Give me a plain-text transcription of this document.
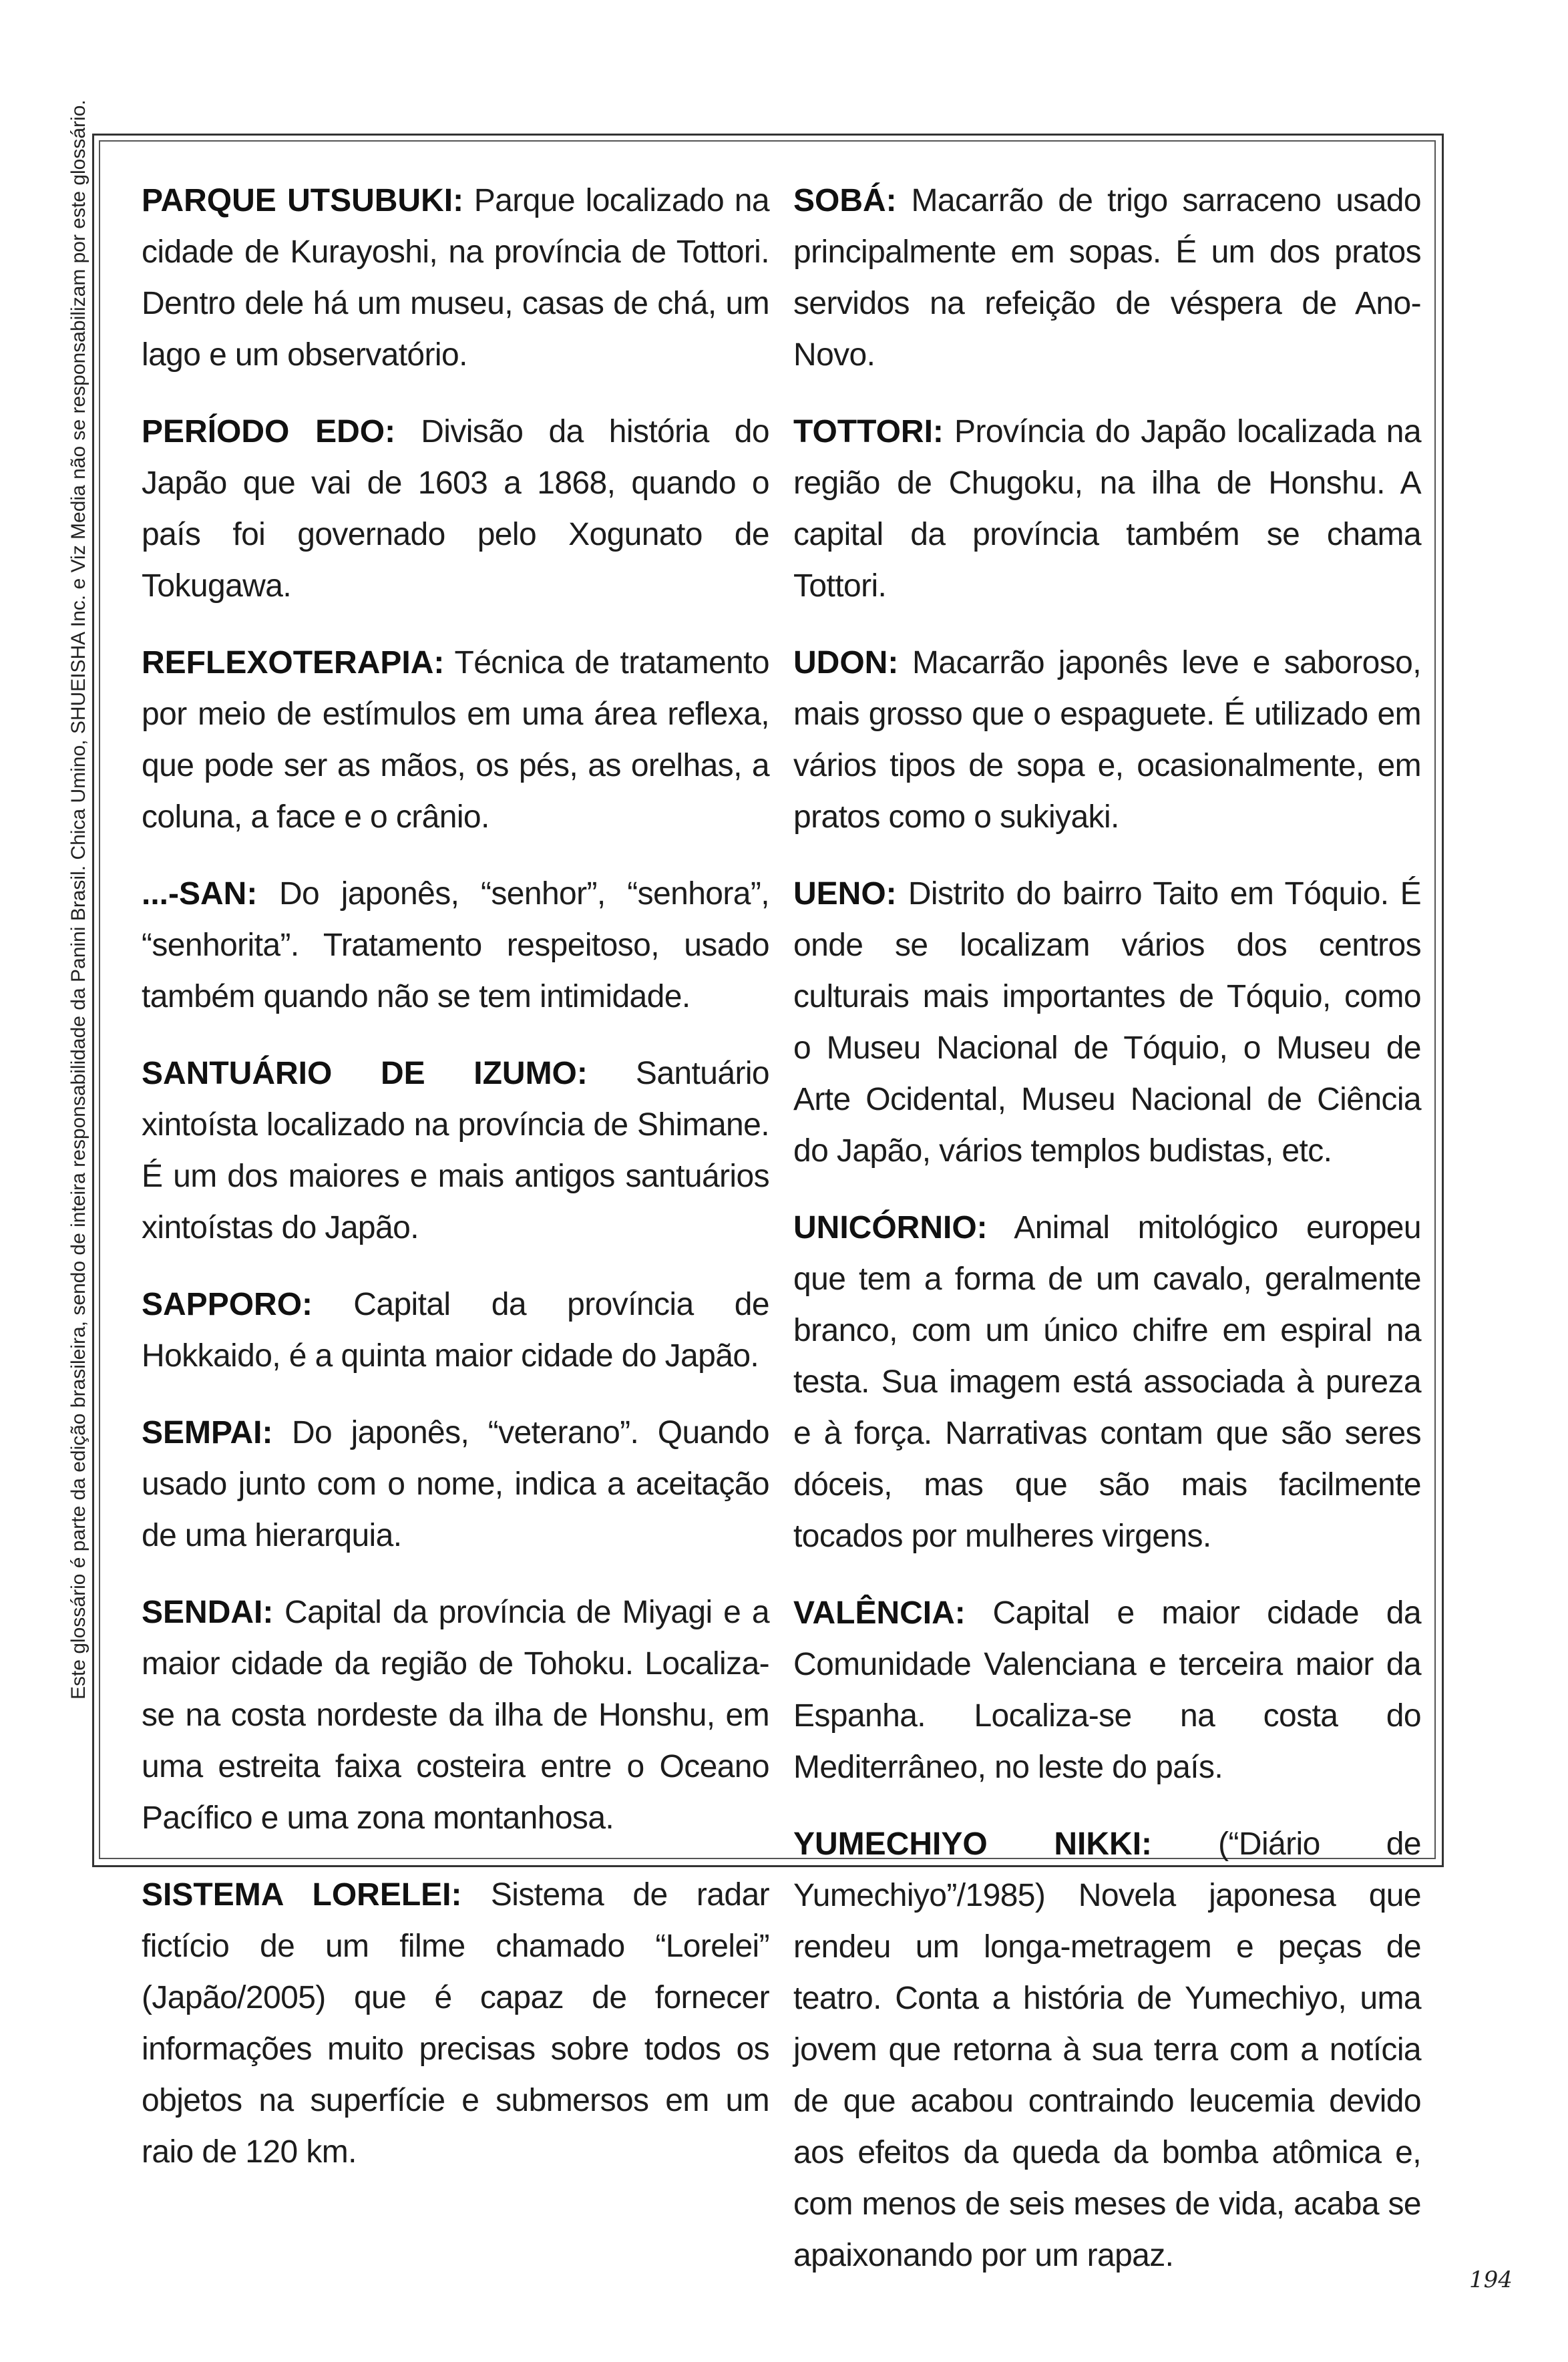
Este glossário é parte da edição brasileira, sendo de inteira responsabilidade da Panini Brasil. Chica Umino, SHUEISHA Inc. e Viz Media não se responsabilizam por este glossário. PARQUE UTSUBUKI: Parque localizado na cidade de Kurayoshi, na província de Tottori. Dentro dele há um museu, casas de chá, um lago e um observatório.

PERÍODO EDO: Divisão da história do Japão que vai de 1603 a 1868, quando o país foi governado pelo Xogunato de Tokugawa.

REFLEXOTERAPIA: Técnica de tratamento por meio de estímulos em uma área reflexa, que pode ser as mãos, os pés, as orelhas, a coluna, a face e o crânio.

...-SAN: Do japonês, “senhor”, “senhora”, “senhorita”. Tratamento respeitoso, usado também quando não se tem intimidade.

SANTUÁRIO DE IZUMO: Santuário xintoísta localizado na província de Shimane. É um dos maiores e mais antigos santuários xintoístas do Japão.

SAPPORO: Capital da província de Hokkaido, é a quinta maior cidade do Japão.

SEMPAI: Do japonês, “veterano”. Quando usado junto com o nome, indica a aceitação de uma hierarquia.

SENDAI: Capital da província de Miyagi e a maior cidade da região de Tohoku. Localiza-se na costa nordeste da ilha de Honshu, em uma estreita faixa costeira entre o Oceano Pacífico e uma zona montanhosa.

SISTEMA LORELEI: Sistema de radar fictício de um filme chamado “Lorelei” (Japão/2005) que é capaz de fornecer informações muito precisas sobre todos os objetos na superfície e submersos em um raio de 120 km.

SOBÁ: Macarrão de trigo sarraceno usado principalmente em sopas. É um dos pratos servidos na refeição de véspera de Ano-Novo.

TOTTORI: Província do Japão localizada na região de Chugoku, na ilha de Honshu. A capital da província também se chama Tottori.

UDON: Macarrão japonês leve e saboroso, mais grosso que o espaguete. É utilizado em vários tipos de sopa e, ocasionalmente, em pratos como o sukiyaki.

UENO: Distrito do bairro Taito em Tóquio. É onde se localizam vários dos centros culturais mais importantes de Tóquio, como o Museu Nacional de Tóquio, o Museu de Arte Ocidental, Museu Nacional de Ciência do Japão, vários templos budistas, etc.

UNICÓRNIO: Animal mitológico europeu que tem a forma de um cavalo, geralmente branco, com um único chifre em espiral na testa. Sua imagem está associada à pureza e à força. Narrativas contam que são seres dóceis, mas que são mais facilmente tocados por mulheres virgens.

VALÊNCIA: Capital e maior cidade da Comunidade Valenciana e terceira maior da Espanha. Localiza-se na costa do Mediterrâneo, no leste do país.

YUMECHIYO NIKKI: (“Diário de Yumechiyo”/1985) Novela japonesa que rendeu um longa-metragem e peças de teatro. Conta a história de Yumechiyo, uma jovem que retorna à sua terra com a notícia de que acabou contraindo leucemia devido aos efeitos da queda da bomba atômica e, com menos de seis meses de vida, acaba se apaixonando por um rapaz.

194
